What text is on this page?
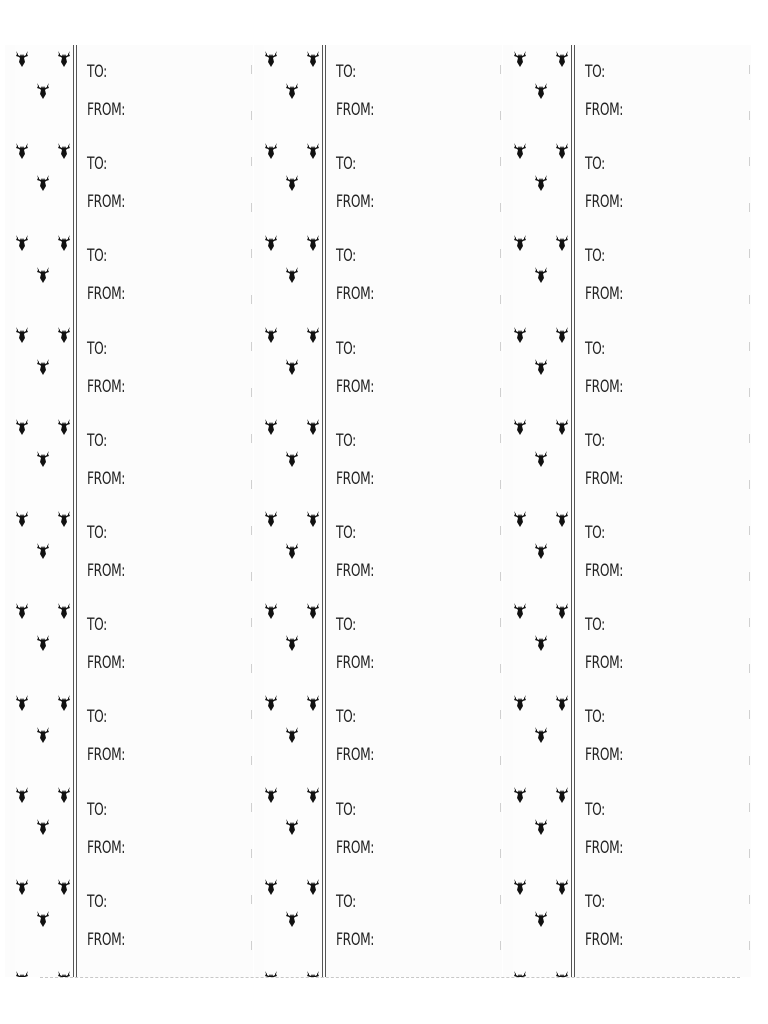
TO:
FROM:
TO:
FROM:
TO:
FROM:
TO:
FROM:
TO:
FROM:
TO:
FROM:
TO:
FROM:
TO:
FROM:
TO:
FROM:
TO:
FROM:
TO:
FROM:
TO:
FROM:
TO:
FROM:
TO:
FROM:
TO:
FROM:
TO:
FROM:
TO:
FROM:
TO:
FROM:
TO:
FROM:
TO:
FROM:
TO:
FROM:
TO:
FROM:
TO:
FROM:
TO:
FROM:
TO:
FROM:
TO:
FROM:
TO:
FROM:
TO:
FROM:
TO:
FROM:
TO:
FROM:
